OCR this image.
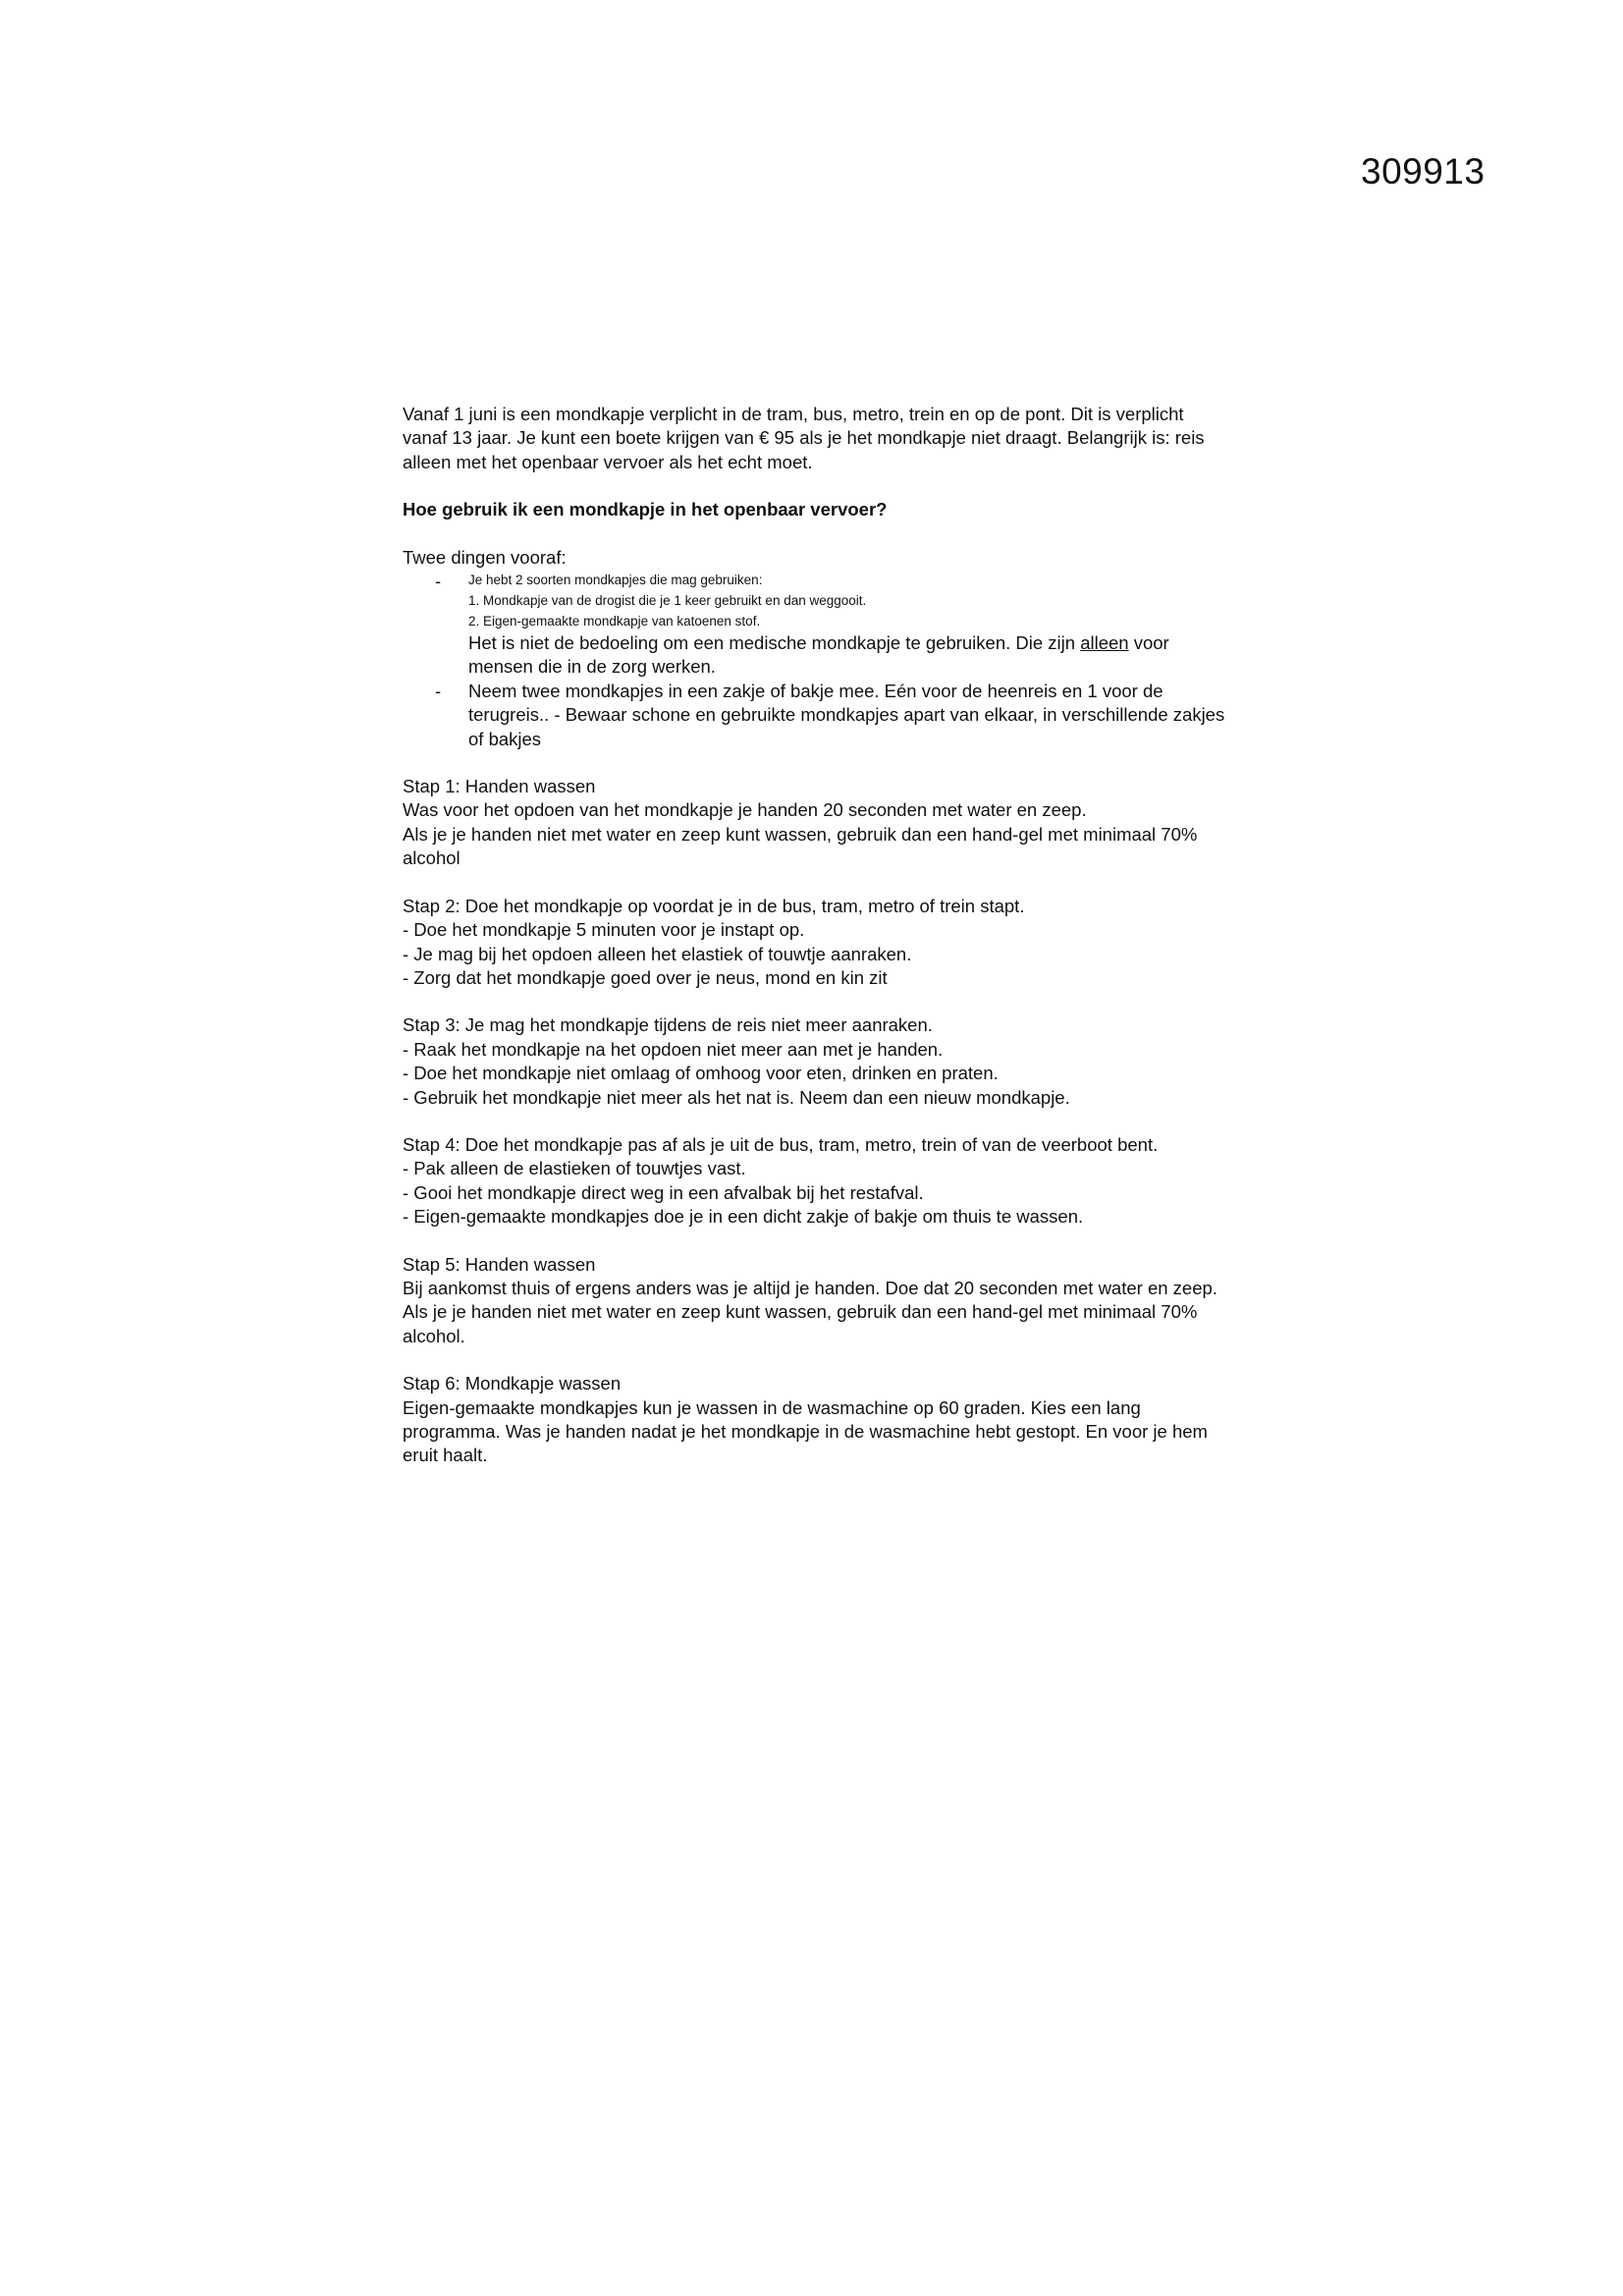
309913

Vanaf 1 juni is een mondkapje verplicht in de tram, bus, metro, trein en op de pont. Dit is verplicht

vanaf 13 jaar. Je kunt een boete krijgen van € 95 als je het mondkapje niet draagt. Belangrijk is: reis

alleen met het openbaar vervoer als het echt moet.

Hoe gebruik ik een mondkapje in het openbaar vervoer?

Twee dingen vooraf:

- Je hebt 2 soorten mondkapjes die mag gebruiken:

1. Mondkapje van de drogist die je 1 keer gebruikt en dan weggooit.

2. Eigen-gemaakte mondkapje van katoenen stof.

Het is niet de bedoeling om een medische mondkapje te gebruiken. Die zijn alleen voor

mensen die in de zorg werken.

- Neem twee mondkapjes in een zakje of bakje mee. Eén voor de heenreis en 1 voor de

terugreis.. - Bewaar schone en gebruikte mondkapjes apart van elkaar, in verschillende zakjes

of bakjes

Stap 1: Handen wassen

Was voor het opdoen van het mondkapje je handen 20 seconden met water en zeep.

Als je je handen niet met water en zeep kunt wassen, gebruik dan een hand-gel met minimaal 70%

alcohol

Stap 2: Doe het mondkapje op voordat je in de bus, tram, metro of trein stapt.

- Doe het mondkapje 5 minuten voor je instapt op.

- Je mag bij het opdoen alleen het elastiek of touwtje aanraken.

- Zorg dat het mondkapje goed over je neus, mond en kin zit

Stap 3: Je mag het mondkapje tijdens de reis niet meer aanraken.

- Raak het mondkapje na het opdoen niet meer aan met je handen.

- Doe het mondkapje niet omlaag of omhoog voor eten, drinken en praten.

- Gebruik het mondkapje niet meer als het nat is. Neem dan een nieuw mondkapje.

Stap 4: Doe het mondkapje pas af als je uit de bus, tram, metro, trein of van de veerboot bent.

- Pak alleen de elastieken of touwtjes vast.

- Gooi het mondkapje direct weg in een afvalbak bij het restafval.

- Eigen-gemaakte mondkapjes doe je in een dicht zakje of bakje om thuis te wassen.

Stap 5: Handen wassen

Bij aankomst thuis of ergens anders was je altijd je handen. Doe dat 20 seconden met water en zeep.

Als je je handen niet met water en zeep kunt wassen, gebruik dan een hand-gel met minimaal 70%

alcohol.

Stap 6: Mondkapje wassen

Eigen-gemaakte mondkapjes kun je wassen in de wasmachine op 60 graden. Kies een lang

programma. Was je handen nadat je het mondkapje in de wasmachine hebt gestopt. En voor je hem

eruit haalt.
